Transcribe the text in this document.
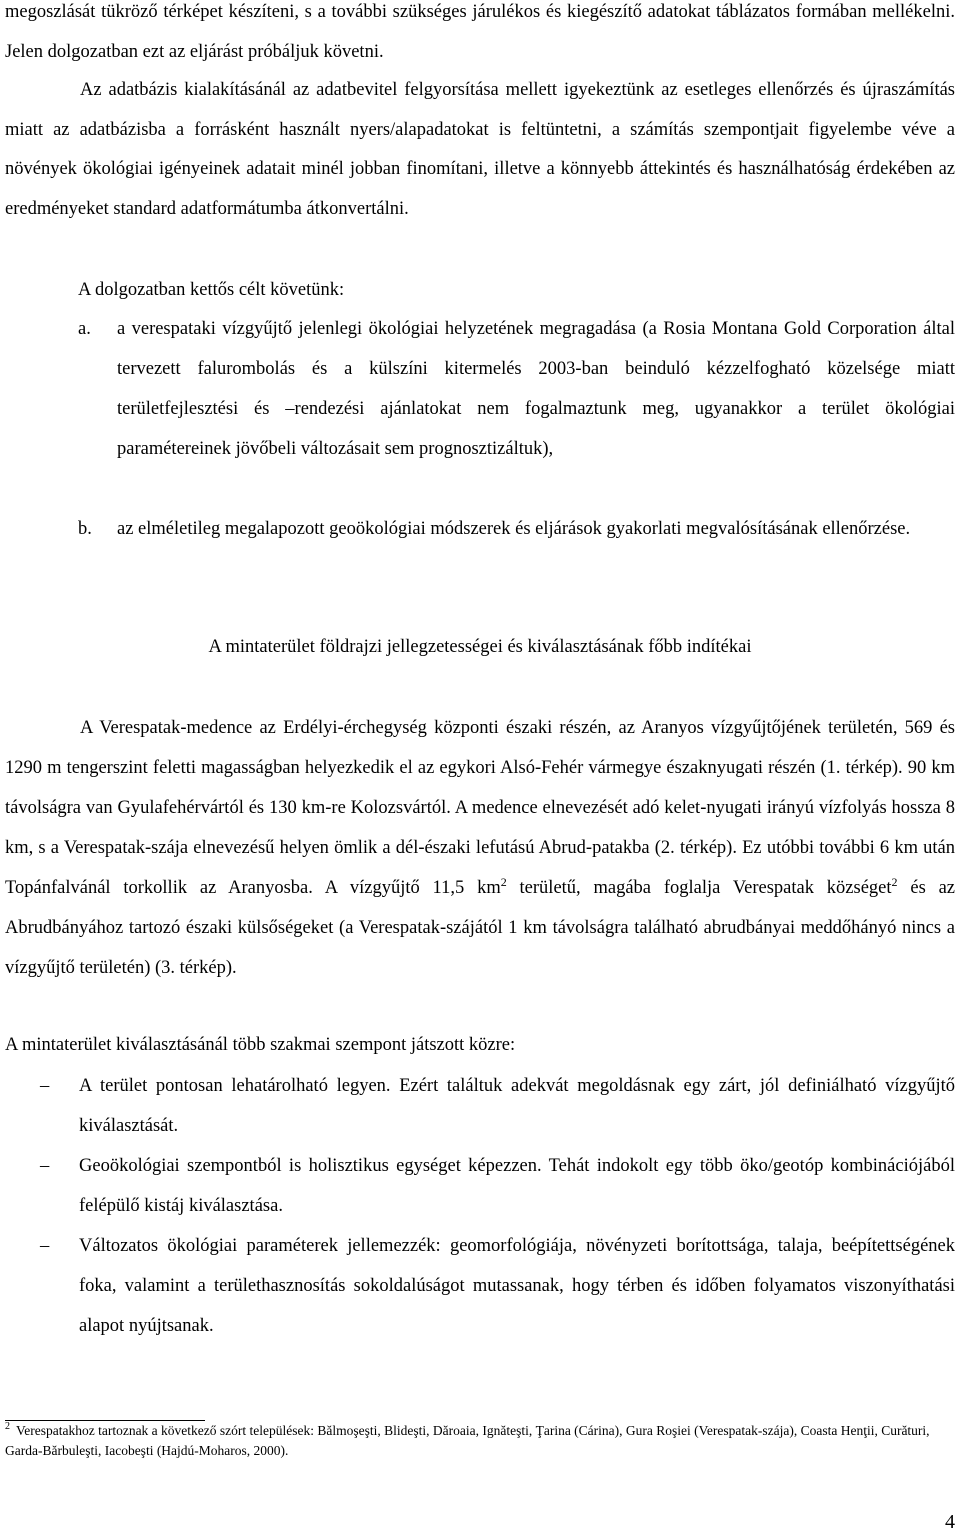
megoszlását tükröző térképet készíteni, s a további szükséges járulékos és kiegészítő adatokat táblázatos formában mellékelni. Jelen dolgozatban ezt az eljárást próbáljuk követni.

Az adatbázis kialakításánál az adatbevitel felgyorsítása mellett igyekeztünk az esetleges ellenőrzés és újraszámítás miatt az adatbázisba a forrásként használt nyers/alapadatokat is feltüntetni, a számítás szempontjait figyelembe véve a növények ökológiai igényeinek adatait minél jobban finomítani, illetve a könnyebb áttekintés és használhatóság érdekében az eredményeket standard adatformátumba átkonvertálni.

A dolgozatban kettős célt követünk:

a. a verespataki vízgyűjtő jelenlegi ökológiai helyzetének megragadása (a Rosia Montana Gold Corporation által tervezett falurombolás és a külszíni kitermelés 2003-ban beinduló kézzelfogható közelsége miatt területfejlesztési és –rendezési ajánlatokat nem fogalmaztunk meg, ugyanakkor a terület ökológiai paramétereinek jövőbeli változásait sem prognosztizáltuk),

b. az elméletileg megalapozott geoökológiai módszerek és eljárások gyakorlati megvalósításának ellenőrzése.

A mintaterület földrajzi jellegzetességei és kiválasztásának főbb indítékai

A Verespatak-medence az Erdélyi-érchegység központi északi részén, az Aranyos vízgyűjtőjének területén, 569 és 1290 m tengerszint feletti magasságban helyezkedik el az egykori Alsó-Fehér vármegye északnyugati részén (1. térkép). 90 km távolságra van Gyulafehérvártól és 130 km-re Kolozsvártól. A medence elnevezését adó kelet-nyugati irányú vízfolyás hossza 8 km, s a Verespatak-szája elnevezésű helyen ömlik a dél-északi lefutású Abrud-patakba (2. térkép). Ez utóbbi további 6 km után Topánfalvánál torkollik az Aranyosba. A vízgyűjtő 11,5 km$^2$ területű, magába foglalja Verespatak községet$^2$ és az Abrudbányához tartozó északi külsőségeket (a Verespatak-szájától 1 km távolságra található abrudbányai meddőhányó nincs a vízgyűjtő területén) (3. térkép).

A mintaterület kiválasztásánál több szakmai szempont játszott közre:

– A terület pontosan lehatárolható legyen. Ezért találtuk adekvát megoldásnak egy zárt, jól definiálható vízgyűjtő kiválasztását.

– Geoökológiai szempontból is holisztikus egységet képezzen. Tehát indokolt egy több öko/geotóp kombinációjából felépülő kistáj kiválasztása.

– Változatos ökológiai paraméterek jellemezzék: geomorfológiája, növényzeti borítottsága, talaja, beépítettségének foka, valamint a területhasznosítás sokoldalúságot mutassanak, hogy térben és időben folyamatos viszonyíthatási alapot nyújtsanak.

$^2$ Verespatakhoz tartoznak a következő szórt települések: Bălmoşeşti, Blideşti, Dăroaia, Ignăteşti, Ţarina (Cárina), Gura Roşiei (Verespatak-szája), Coasta Henţii, Curături, Garda-Bărbuleşti, Iacobeşti (Hajdú-Moharos, 2000).

4
